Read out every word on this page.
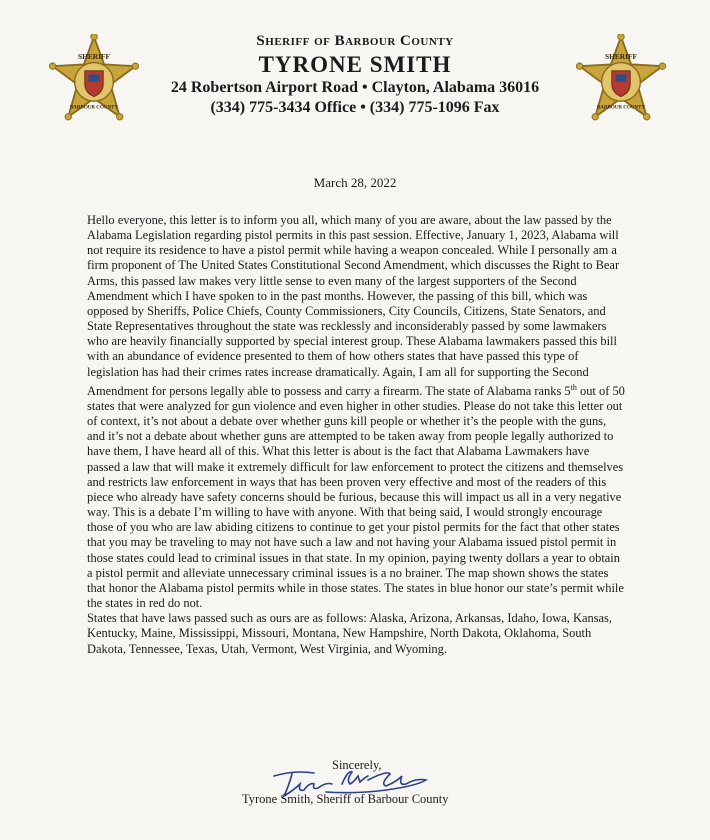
SHERIFF
BARBOUR COUNTY
SHERIFF
BARBOUR COUNTY
Sheriff of Barbour County
TYRONE SMITH
24 Robertson Airport Road • Clayton, Alabama 36016
(334) 775-3434 Office • (334) 775-1096 Fax
March 28, 2022

Hello everyone, this letter is to inform you all, which many of you are aware, about the law passed by the Alabama Legislation regarding pistol permits in this past session. Effective, January 1, 2023, Alabama will not require its residence to have a pistol permit while having a weapon concealed. While I personally am a firm proponent of The United States Constitutional Second Amendment, which discusses the Right to Bear Arms, this passed law makes very little sense to even many of the largest supporters of the Second Amendment which I have spoken to in the past months. However, the passing of this bill, which was opposed by Sheriffs, Police Chiefs, County Commissioners, City Councils, Citizens, State Senators, and State Representatives throughout the state was recklessly and inconsiderably passed by some lawmakers who are heavily financially supported by special interest group. These Alabama lawmakers passed this bill with an abundance of evidence presented to them of how others states that have passed this type of legislation has had their crimes rates increase dramatically. Again, I am all for supporting the Second Amendment for persons legally able to possess and carry a firearm. The state of Alabama ranks 5th out of 50 states that were analyzed for gun violence and even higher in other studies. Please do not take this letter out of context, it’s not about a debate over whether guns kill people or whether it’s the people with the guns, and it’s not a debate about whether guns are attempted to be taken away from people legally authorized to have them, I have heard all of this. What this letter is about is the fact that Alabama Lawmakers have passed a law that will make it extremely difficult for law enforcement to protect the citizens and themselves and restricts law enforcement in ways that has been proven very effective and most of the readers of this piece who already have safety concerns should be furious, because this will impact us all in a very negative way. This is a debate I’m willing to have with anyone. With that being said, I would strongly encourage those of you who are law abiding citizens to continue to get your pistol permits for the fact that other states that you may be traveling to may not have such a law and not having your Alabama issued pistol permit in those states could lead to criminal issues in that state. In my opinion, paying twenty dollars a year to obtain a pistol permit and alleviate unnecessary criminal issues is a no brainer. The map shown shows the states that honor the Alabama pistol permits while in those states. The states in blue honor our state’s permit while the states in red do not.

States that have laws passed such as ours are as follows: Alaska, Arizona, Arkansas, Idaho, Iowa, Kansas, Kentucky, Maine, Mississippi, Missouri, Montana, New Hampshire, North Dakota, Oklahoma, South Dakota, Tennessee, Texas, Utah, Vermont, West Virginia, and Wyoming.

Sincerely,
Tyrone Smith, Sheriff of Barbour County
